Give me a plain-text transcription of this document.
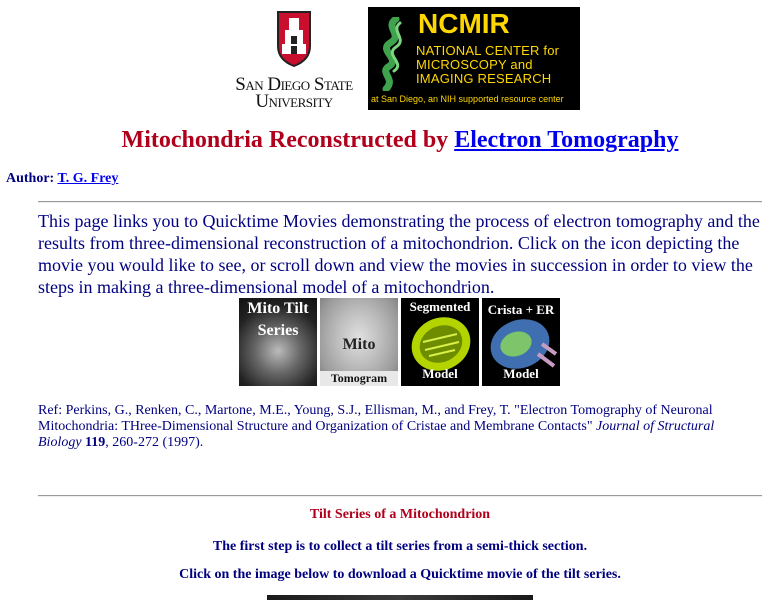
San Diego State
University
NCMIR
NATIONAL CENTER for
MICROSCOPY and
IMAGING RESEARCH
at San Diego, an NIH supported resource center
Mitochondria Reconstructed by Electron Tomography
Author: T. G. Frey
This page links you to Quicktime Movies demonstrating the process of electron tomography and the results from three-dimensional reconstruction of a mitochondrion. Click on the icon depicting the movie you would like to see, or scroll down and view the movies in succession in order to view the steps in making a three-dimensional model of a mitochondrion.
Mito Tilt
Series
Mito
Tomogram
Segmented
Model
Crista + ER
Model
Ref: Perkins, G., Renken, C., Martone, M.E., Young, S.J., Ellisman, M., and Frey, T. "Electron Tomography of Neuronal Mitochondria: THree-Dimensional Structure and Organization of Cristae and Membrane Contacts" Journal of Structural Biology 119, 260-272 (1997).
Tilt Series of a Mitochondrion
The first step is to collect a tilt series from a semi-thick section.
Click on the image below to download a Quicktime movie of the tilt series.
